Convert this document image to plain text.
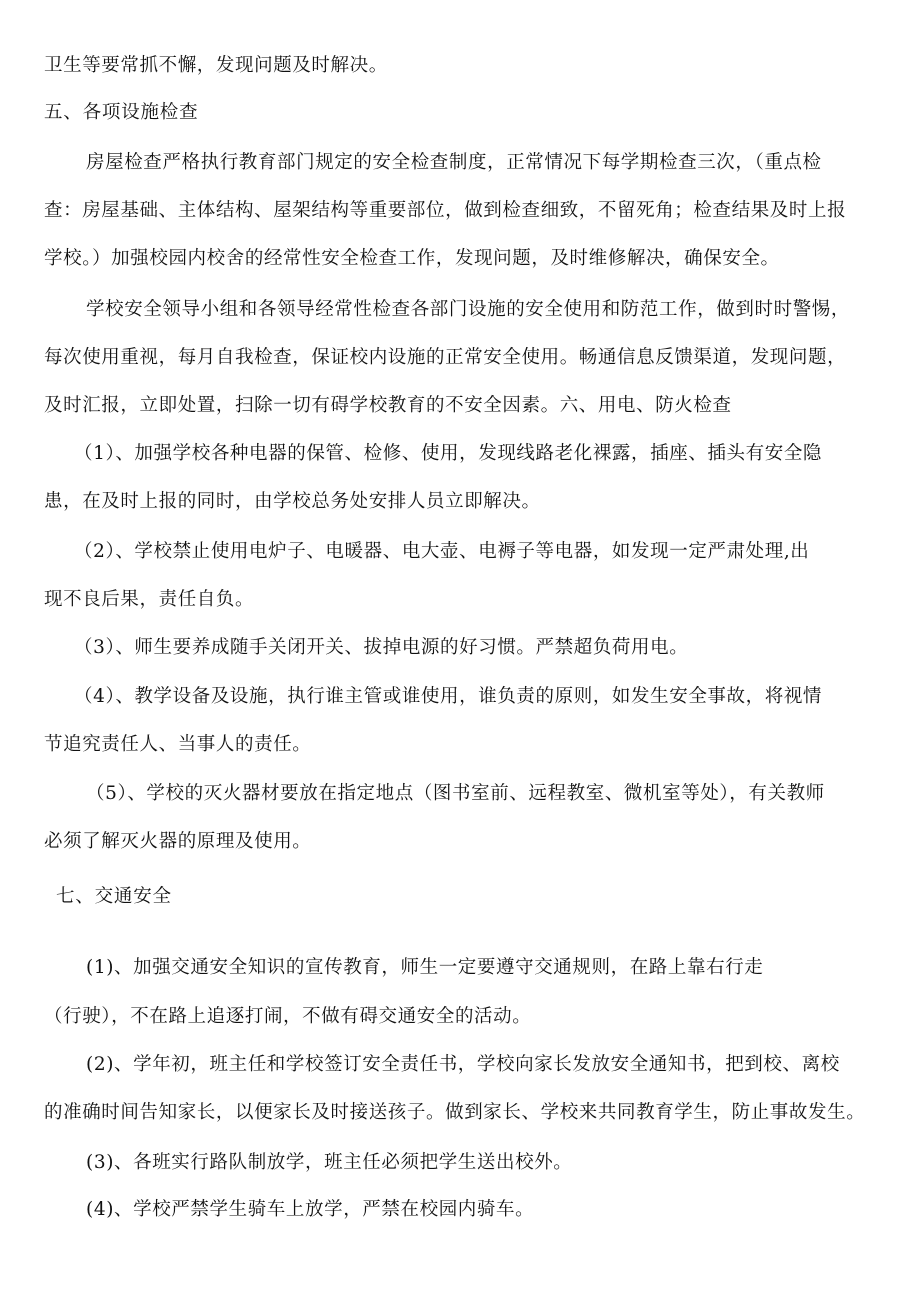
卫生等要常抓不懈，发现问题及时解决。
五、各项设施检查
房屋检查严格执行教育部门规定的安全检查制度，正常情况下每学期检查三次，（重点检
查：房屋基础、主体结构、屋架结构等重要部位，做到检查细致，不留死角；检查结果及时上报
学校。）加强校园内校舍的经常性安全检查工作，发现问题，及时维修解决，确保安全。
学校安全领导小组和各领导经常性检查各部门设施的安全使用和防范工作，做到时时警惕，
每次使用重视，每月自我检查，保证校内设施的正常安全使用。畅通信息反馈渠道，发现问题，
及时汇报，立即处置，扫除一切有碍学校教育的不安全因素。六、用电、防火检查
（1）、加强学校各种电器的保管、检修、使用，发现线路老化裸露，插座、插头有安全隐
患，在及时上报的同时，由学校总务处安排人员立即解决。
（2）、学校禁止使用电炉子、电暖器、电大壶、电褥子等电器，如发现一定严肃处理,出
现不良后果，责任自负。
（3）、师生要养成随手关闭开关、拔掉电源的好习惯。严禁超负荷用电。
（4）、教学设备及设施，执行谁主管或谁使用，谁负责的原则，如发生安全事故，将视情
节追究责任人、当事人的责任。
（5）、学校的灭火器材要放在指定地点（图书室前、远程教室、微机室等处），有关教师
必须了解灭火器的原理及使用。
七、交通安全
(1)、加强交通安全知识的宣传教育，师生一定要遵守交通规则，在路上靠右行走
（行驶），不在路上追逐打闹，不做有碍交通安全的活动。
(2)、学年初，班主任和学校签订安全责任书，学校向家长发放安全通知书，把到校、离校
的准确时间告知家长，以便家长及时接送孩子。做到家长、学校来共同教育学生，防止事故发生。
(3)、各班实行路队制放学，班主任必须把学生送出校外。
(4)、学校严禁学生骑车上放学，严禁在校园内骑车。
